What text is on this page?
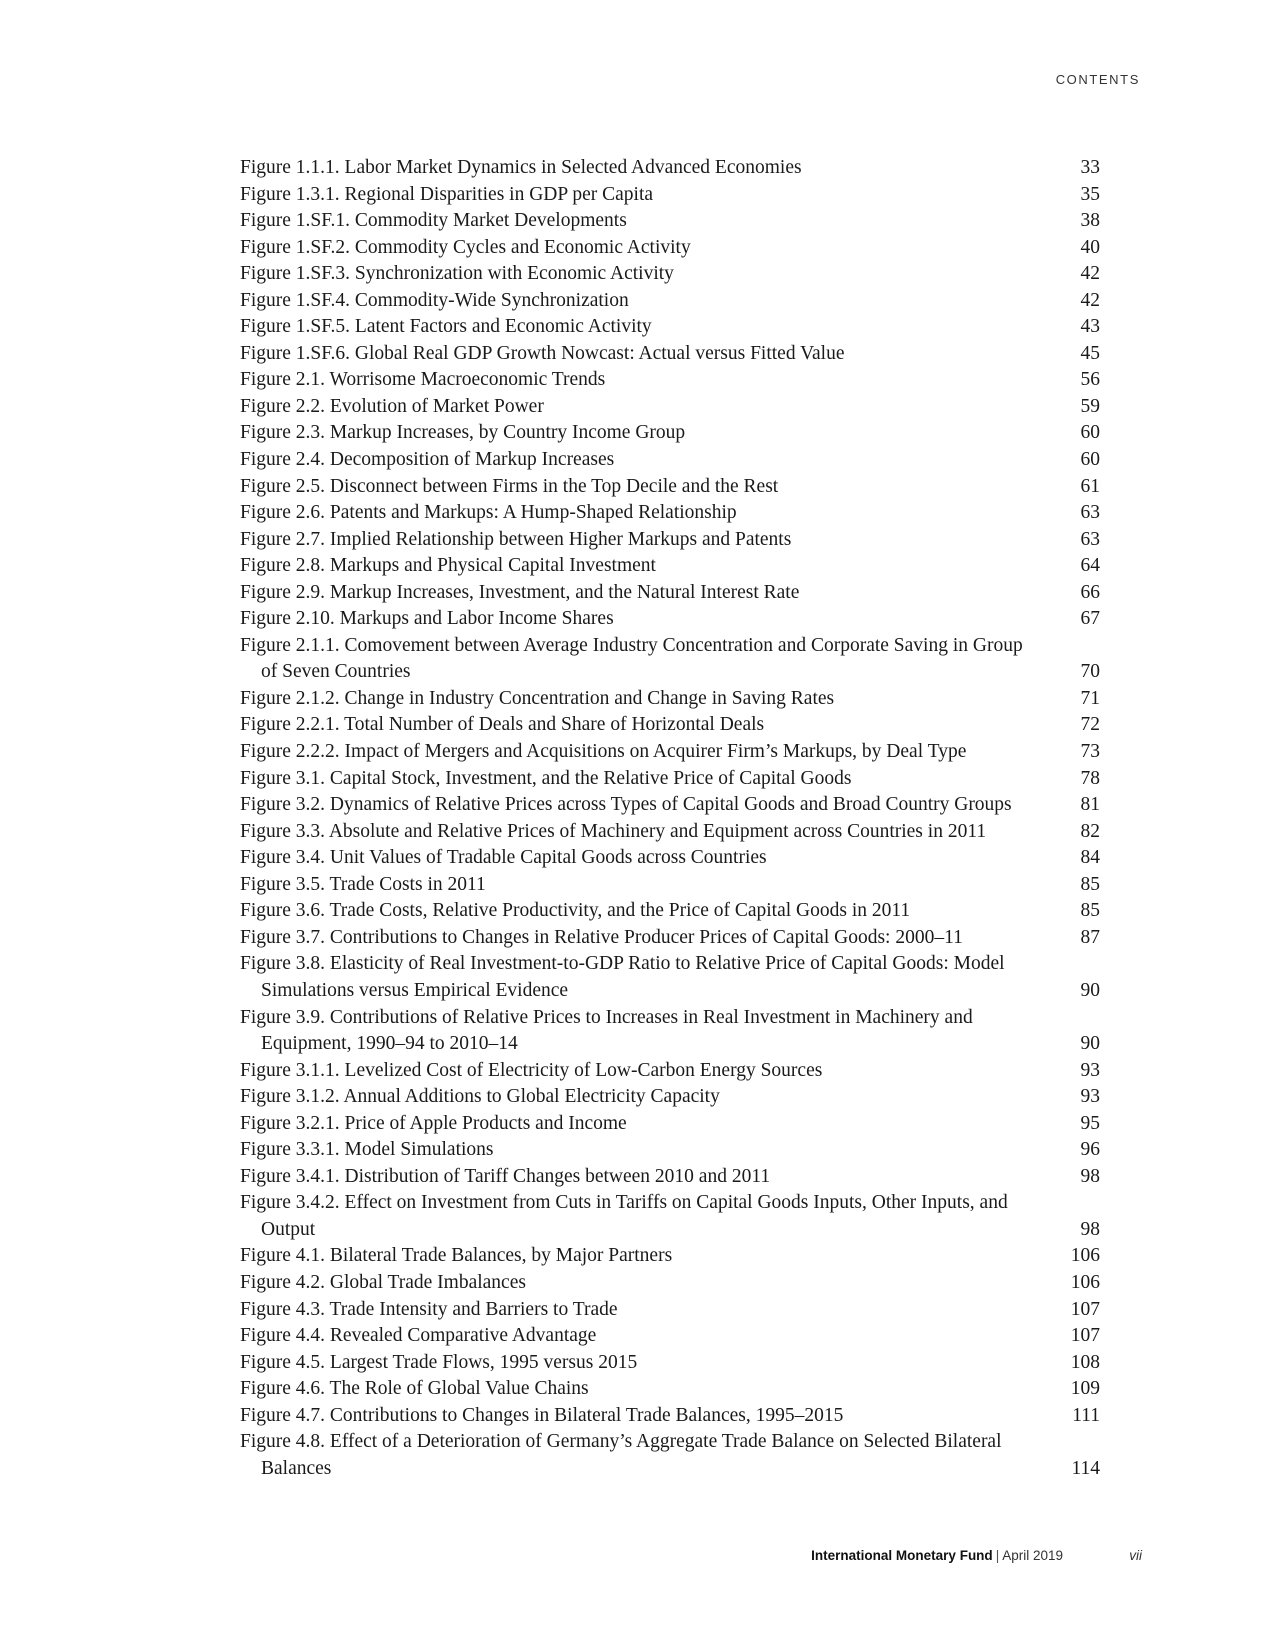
CONTENTS
Figure 1.1.1. Labor Market Dynamics in Selected Advanced Economies	33
Figure 1.3.1. Regional Disparities in GDP per Capita	35
Figure 1.SF.1. Commodity Market Developments	38
Figure 1.SF.2. Commodity Cycles and Economic Activity	40
Figure 1.SF.3. Synchronization with Economic Activity	42
Figure 1.SF.4. Commodity-Wide Synchronization	42
Figure 1.SF.5. Latent Factors and Economic Activity	43
Figure 1.SF.6. Global Real GDP Growth Nowcast: Actual versus Fitted Value	45
Figure 2.1. Worrisome Macroeconomic Trends	56
Figure 2.2. Evolution of Market Power	59
Figure 2.3. Markup Increases, by Country Income Group	60
Figure 2.4. Decomposition of Markup Increases	60
Figure 2.5. Disconnect between Firms in the Top Decile and the Rest	61
Figure 2.6. Patents and Markups: A Hump-Shaped Relationship	63
Figure 2.7. Implied Relationship between Higher Markups and Patents	63
Figure 2.8. Markups and Physical Capital Investment	64
Figure 2.9. Markup Increases, Investment, and the Natural Interest Rate	66
Figure 2.10. Markups and Labor Income Shares	67
Figure 2.1.1. Comovement between Average Industry Concentration and Corporate Saving in Group of Seven Countries	70
Figure 2.1.2. Change in Industry Concentration and Change in Saving Rates	71
Figure 2.2.1. Total Number of Deals and Share of Horizontal Deals	72
Figure 2.2.2. Impact of Mergers and Acquisitions on Acquirer Firm’s Markups, by Deal Type	73
Figure 3.1. Capital Stock, Investment, and the Relative Price of Capital Goods	78
Figure 3.2. Dynamics of Relative Prices across Types of Capital Goods and Broad Country Groups	81
Figure 3.3. Absolute and Relative Prices of Machinery and Equipment across Countries in 2011	82
Figure 3.4. Unit Values of Tradable Capital Goods across Countries	84
Figure 3.5. Trade Costs in 2011	85
Figure 3.6. Trade Costs, Relative Productivity, and the Price of Capital Goods in 2011	85
Figure 3.7. Contributions to Changes in Relative Producer Prices of Capital Goods: 2000–11	87
Figure 3.8. Elasticity of Real Investment-to-GDP Ratio to Relative Price of Capital Goods: Model Simulations versus Empirical Evidence	90
Figure 3.9. Contributions of Relative Prices to Increases in Real Investment in Machinery and Equipment, 1990–94 to 2010–14	90
Figure 3.1.1. Levelized Cost of Electricity of Low-Carbon Energy Sources	93
Figure 3.1.2. Annual Additions to Global Electricity Capacity	93
Figure 3.2.1. Price of Apple Products and Income	95
Figure 3.3.1. Model Simulations	96
Figure 3.4.1. Distribution of Tariff Changes between 2010 and 2011	98
Figure 3.4.2. Effect on Investment from Cuts in Tariffs on Capital Goods Inputs, Other Inputs, and Output	98
Figure 4.1. Bilateral Trade Balances, by Major Partners	106
Figure 4.2. Global Trade Imbalances	106
Figure 4.3. Trade Intensity and Barriers to Trade	107
Figure 4.4. Revealed Comparative Advantage	107
Figure 4.5. Largest Trade Flows, 1995 versus 2015	108
Figure 4.6. The Role of Global Value Chains	109
Figure 4.7. Contributions to Changes in Bilateral Trade Balances, 1995–2015	111
Figure 4.8. Effect of a Deterioration of Germany’s Aggregate Trade Balance on Selected Bilateral Balances	114
International Monetary Fund | April 2019	vii
